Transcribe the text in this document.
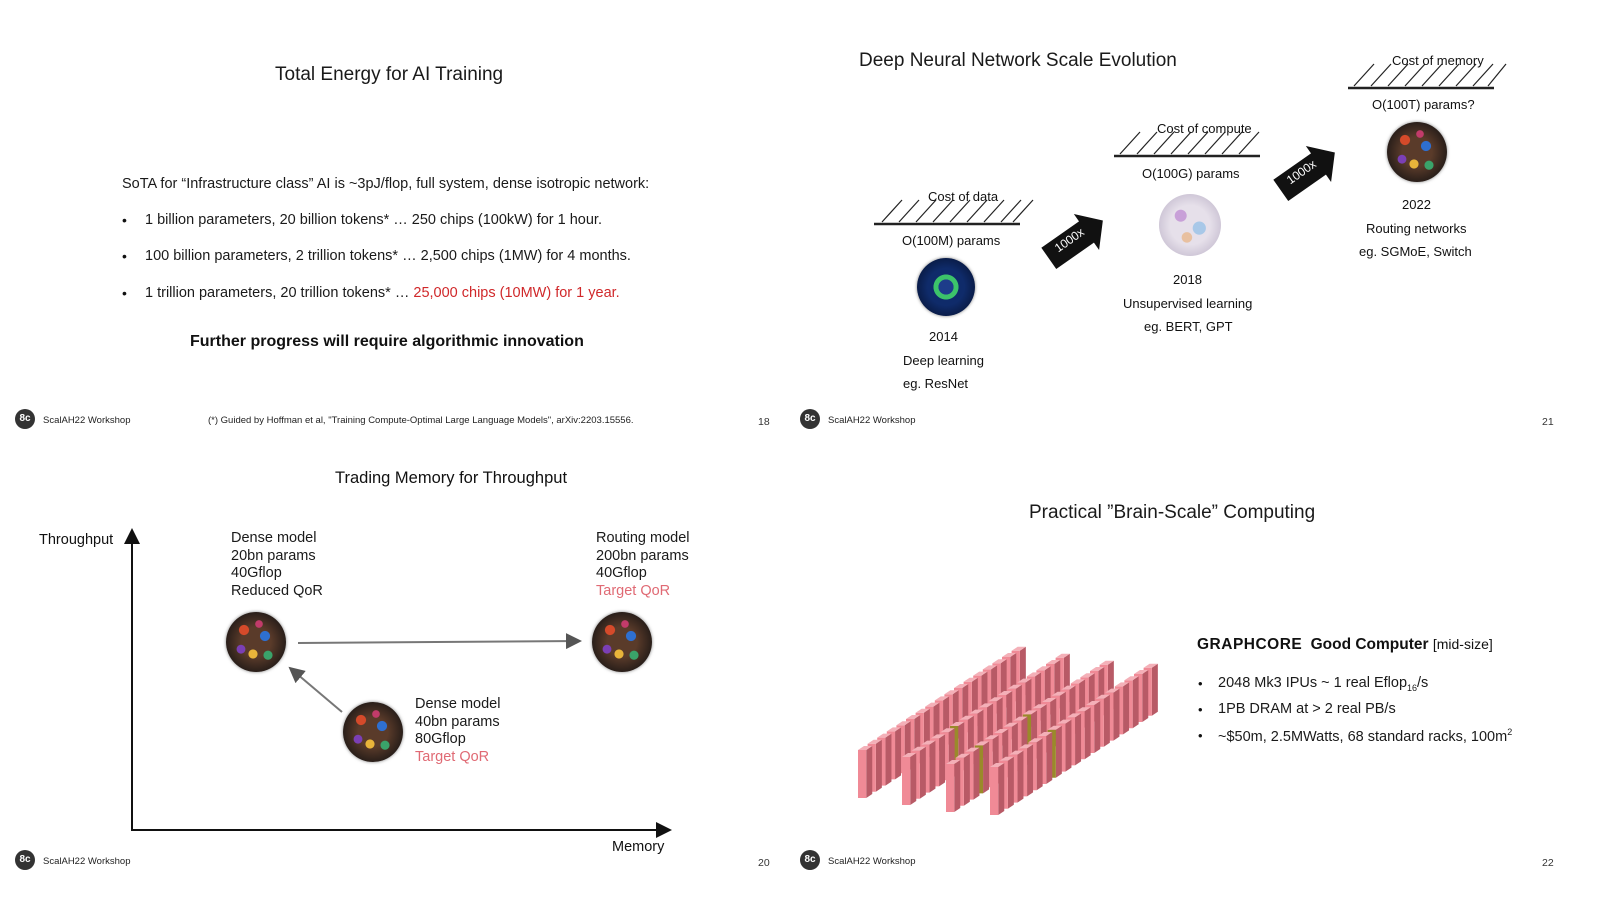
Total Energy for AI Training
SoTA for “Infrastructure class” AI is ~3pJ/flop, full system, dense isotropic network:
• 1 billion parameters, 20 billion tokens* … 250 chips (100kW) for 1 hour.
• 100 billion parameters, 2 trillion tokens* … 2,500 chips (1MW) for 4 months.
• 1 trillion parameters, 20 trillion tokens* … 25,000 chips (10MW) for 1 year.
Further progress will require algorithmic innovation
8c	ScalAH22 Workshop	(*) Guided by Hoffman et al, "Training Compute-Optimal Large Language Models", arXiv:2203.15556.	18
Deep Neural Network Scale Evolution
1000x
1000x
Cost of data
O(100M) params
2014
Deep learning
eg. ResNet
Cost of compute
O(100G) params
2018
Unsupervised learning
eg. BERT, GPT
Cost of memory
O(100T) params?
2022
Routing networks
eg. SGMoE, Switch
8c	ScalAH22 Workshop	21
Trading Memory for Throughput
Throughput
Memory
Dense model
20bn params
40Gflop
Reduced QoR
Routing model
200bn params
40Gflop
Target QoR
Dense model
40bn params
80Gflop
Target QoR
8c	ScalAH22 Workshop	20
Practical ”Brain-Scale” Computing
GRAPHCORE Good Computer [mid-size]
• 2048 Mk3 IPUs ~ 1 real Eflop$_{16}$/s
• 1PB DRAM at > 2 real PB/s
• ~$50m, 2.5MWatts, 68 standard racks, $100m^2$
8c	ScalAH22 Workshop	22
